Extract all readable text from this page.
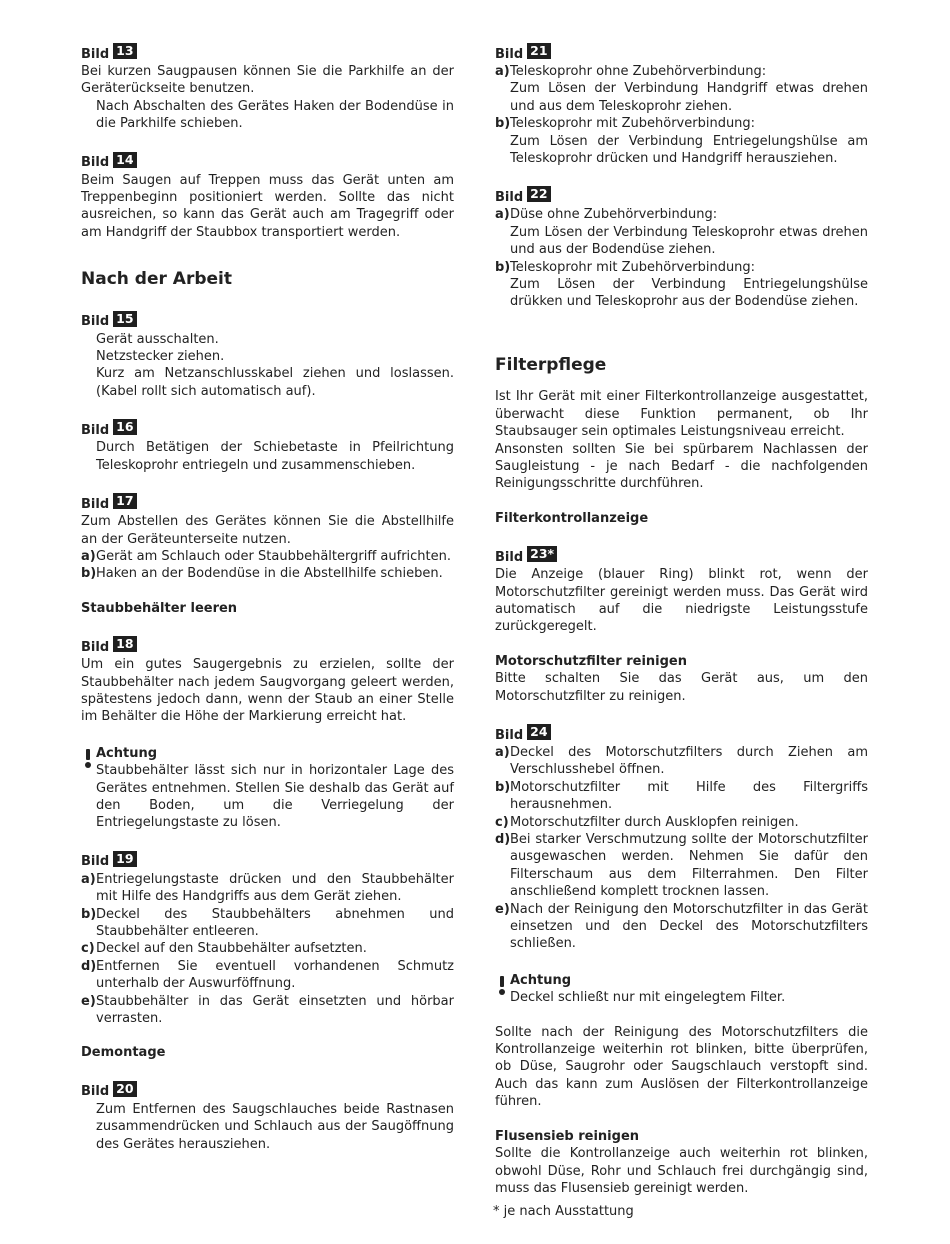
Bild 13

Bei kurzen Saugpausen können Sie die Parkhilfe an der Geräterückseite benutzen.

Nach Abschalten des Gerätes Haken der Bodendüse in die Parkhilfe schieben.

Bild 14

Beim Saugen auf Treppen muss das Gerät unten am Treppenbeginn positioniert werden. Sollte das nicht ausreichen, so kann das Gerät auch am Tragegriff oder am Handgriff der Staubbox transportiert werden.

Nach der Arbeit
Bild 15

Gerät ausschalten.

Netzstecker ziehen.

Kurz am Netzanschlusskabel ziehen und loslassen. (Kabel rollt sich automatisch auf).

Bild 16

Durch Betätigen der Schiebetaste in Pfeilrichtung Teleskoprohr entriegeln und zusammenschieben.

Bild 17

Zum Abstellen des Gerätes können Sie die Abstellhilfe an der Geräteunterseite nutzen.

a) Gerät am Schlauch oder Staubbehältergriff aufrichten.
b) Haken an der Bodendüse in die Abstellhilfe schieben.
Staubbehälter leeren
Bild 18

Um ein gutes Saugergebnis zu erzielen, sollte der Staubbehälter nach jedem Saugvorgang geleert werden, spätestens jedoch dann, wenn der Staub an einer Stelle im Behälter die Höhe der Markierung erreicht hat.

Achtung

Staubbehälter lässt sich nur in horizontaler Lage des Gerätes entnehmen. Stellen Sie deshalb das Gerät auf den Boden, um die Verriegelung der Entriegelungstaste zu lösen.

Bild 19
a) Entriegelungstaste drücken und den Staubbehälter mit Hilfe des Handgriffs aus dem Gerät ziehen.
b) Deckel des Staubbehälters abnehmen und Staubbehälter entleeren.
c) Deckel auf den Staubbehälter aufsetzten.
d) Entfernen Sie eventuell vorhandenen Schmutz unterhalb der Auswurföffnung.
e) Staubbehälter in das Gerät einsetzten und hörbar verrasten.
Demontage
Bild 20

Zum Entfernen des Saugschlauches beide Rastnasen zusammendrücken und Schlauch aus der Saugöffnung des Gerätes herausziehen.

Bild 21
a) Teleskoprohr ohne Zubehörverbindung:

Zum Lösen der Verbindung Handgriff etwas drehen und aus dem Teleskoprohr ziehen.

b) Teleskoprohr mit Zubehörverbindung:

Zum Lösen der Verbindung Entriegelungshülse am Teleskoprohr drücken und Handgriff herausziehen.

Bild 22
a) Düse ohne Zubehörverbindung:

Zum Lösen der Verbindung Teleskoprohr etwas drehen und aus der Bodendüse ziehen.

b) Teleskoprohr mit Zubehörverbindung:

Zum Lösen der Verbindung Entriegelungshülse drükken und Teleskoprohr aus der Bodendüse ziehen.

Filterpflege

Ist Ihr Gerät mit einer Filterkontrollanzeige ausgestattet, überwacht diese Funktion permanent, ob Ihr Staubsauger sein optimales Leistungsniveau erreicht.

Ansonsten sollten Sie bei spürbarem Nachlassen der Saugleistung - je nach Bedarf - die nachfolgenden Reinigungsschritte durchführen.

Filterkontrollanzeige
Bild 23*

Die Anzeige (blauer Ring) blinkt rot, wenn der Motorschutzfilter gereinigt werden muss. Das Gerät wird automatisch auf die niedrigste Leistungsstufe zurückgeregelt.

Motorschutzfilter reinigen

Bitte schalten Sie das Gerät aus, um den Motorschutzfilter zu reinigen.

Bild 24
a) Deckel des Motorschutzfilters durch Ziehen am Verschlusshebel öffnen.
b) Motorschutzfilter mit Hilfe des Filtergriffs herausnehmen.
c) Motorschutzfilter durch Ausklopfen reinigen.
d) Bei starker Verschmutzung sollte der Motorschutzfilter ausgewaschen werden. Nehmen Sie dafür den Filterschaum aus dem Filterrahmen. Den Filter anschließend komplett trocknen lassen.
e) Nach der Reinigung den Motorschutzfilter in das Gerät einsetzen und den Deckel des Motorschutzfilters schließen.
Achtung

Deckel schließt nur mit eingelegtem Filter.

Sollte nach der Reinigung des Motorschutzfilters die Kontrollanzeige weiterhin rot blinken, bitte überprüfen, ob Düse, Saugrohr oder Saugschlauch verstopft sind. Auch das kann zum Auslösen der Filterkontrollanzeige führen.

Flusensieb reinigen

Sollte die Kontrollanzeige auch weiterhin rot blinken, obwohl Düse, Rohr und Schlauch frei durchgängig sind, muss das Flusensieb gereinigt werden.

* je nach Ausstattung
